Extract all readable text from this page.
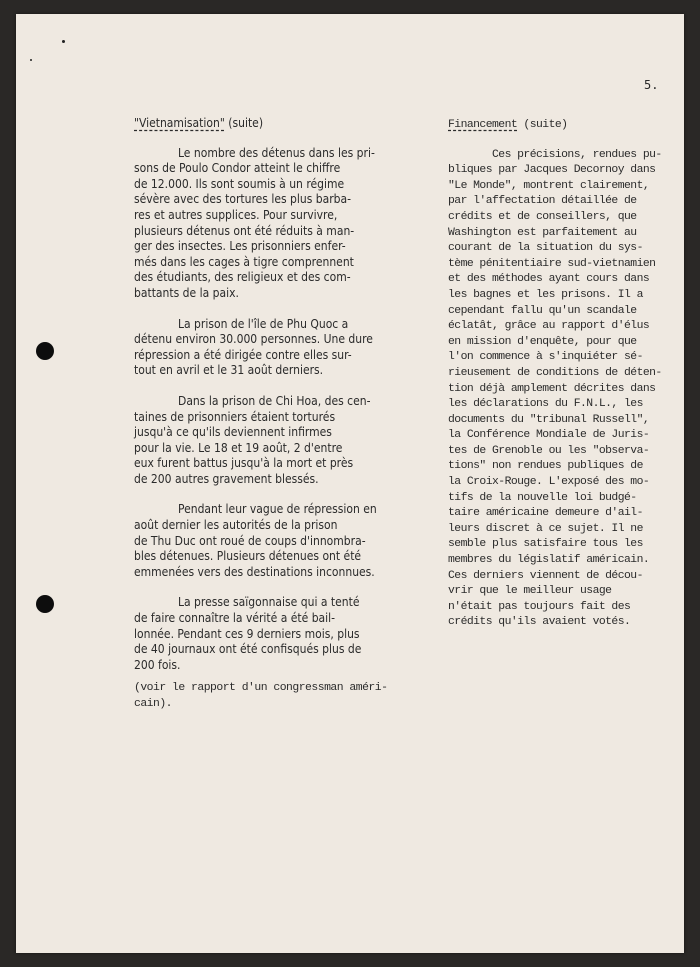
5.
"Vietnamisation" (suite)
Le nombre des détenus dans les pri-
sons de Poulo Condor atteint le chiffre
de 12.000. Ils sont soumis à un régime
sévère avec des tortures les plus barba-
res et autres supplices. Pour survivre,
plusieurs détenus ont été réduits à man-
ger des insectes. Les prisonniers enfer-
més dans les cages à tigre comprennent
des étudiants, des religieux et des com-
battants de la paix.
La prison de l'île de Phu Quoc a
détenu environ 30.000 personnes. Une dure
répression a été dirigée contre elles sur-
tout en avril et le 31 août derniers.
Dans la prison de Chi Hoa, des cen-
taines de prisonniers étaient torturés
jusqu'à ce qu'ils deviennent infirmes
pour la vie. Le 18 et 19 août, 2 d'entre
eux furent battus jusqu'à la mort et près
de 200 autres gravement blessés.
Pendant leur vague de répression en
août dernier les autorités de la prison
de Thu Duc ont roué de coups d'innombra-
bles détenues. Plusieurs détenues ont été
emmenées vers des destinations inconnues.
La presse saïgonnaise qui a tenté
de faire connaître la vérité a été bail-
lonnée. Pendant ces 9 derniers mois, plus
de 40 journaux ont été confisqués plus de
200 fois.
(voir le rapport d'un congressman améri-
cain).
Financement (suite)
Ces précisions, rendues pu-
bliques par Jacques Decornoy dans
"Le Monde", montrent clairement,
par l'affectation détaillée de
crédits et de conseillers, que
Washington est parfaitement au
courant de la situation du sys-
tème pénitentiaire sud-vietnamien
et des méthodes ayant cours dans
les bagnes et les prisons. Il a
cependant fallu qu'un scandale
éclatât, grâce au rapport d'élus
en mission d'enquête, pour que
l'on commence à s'inquiéter sé-
rieusement de conditions de déten-
tion déjà amplement décrites dans
les déclarations du F.N.L., les
documents du "tribunal Russell",
la Conférence Mondiale de Juris-
tes de Grenoble ou les "observa-
tions" non rendues publiques de
la Croix-Rouge. L'exposé des mo-
tifs de la nouvelle loi budgé-
taire américaine demeure d'ail-
leurs discret à ce sujet. Il ne
semble plus satisfaire tous les
membres du législatif américain.
Ces derniers viennent de décou-
vrir que le meilleur usage
n'était pas toujours fait des
crédits qu'ils avaient votés.
